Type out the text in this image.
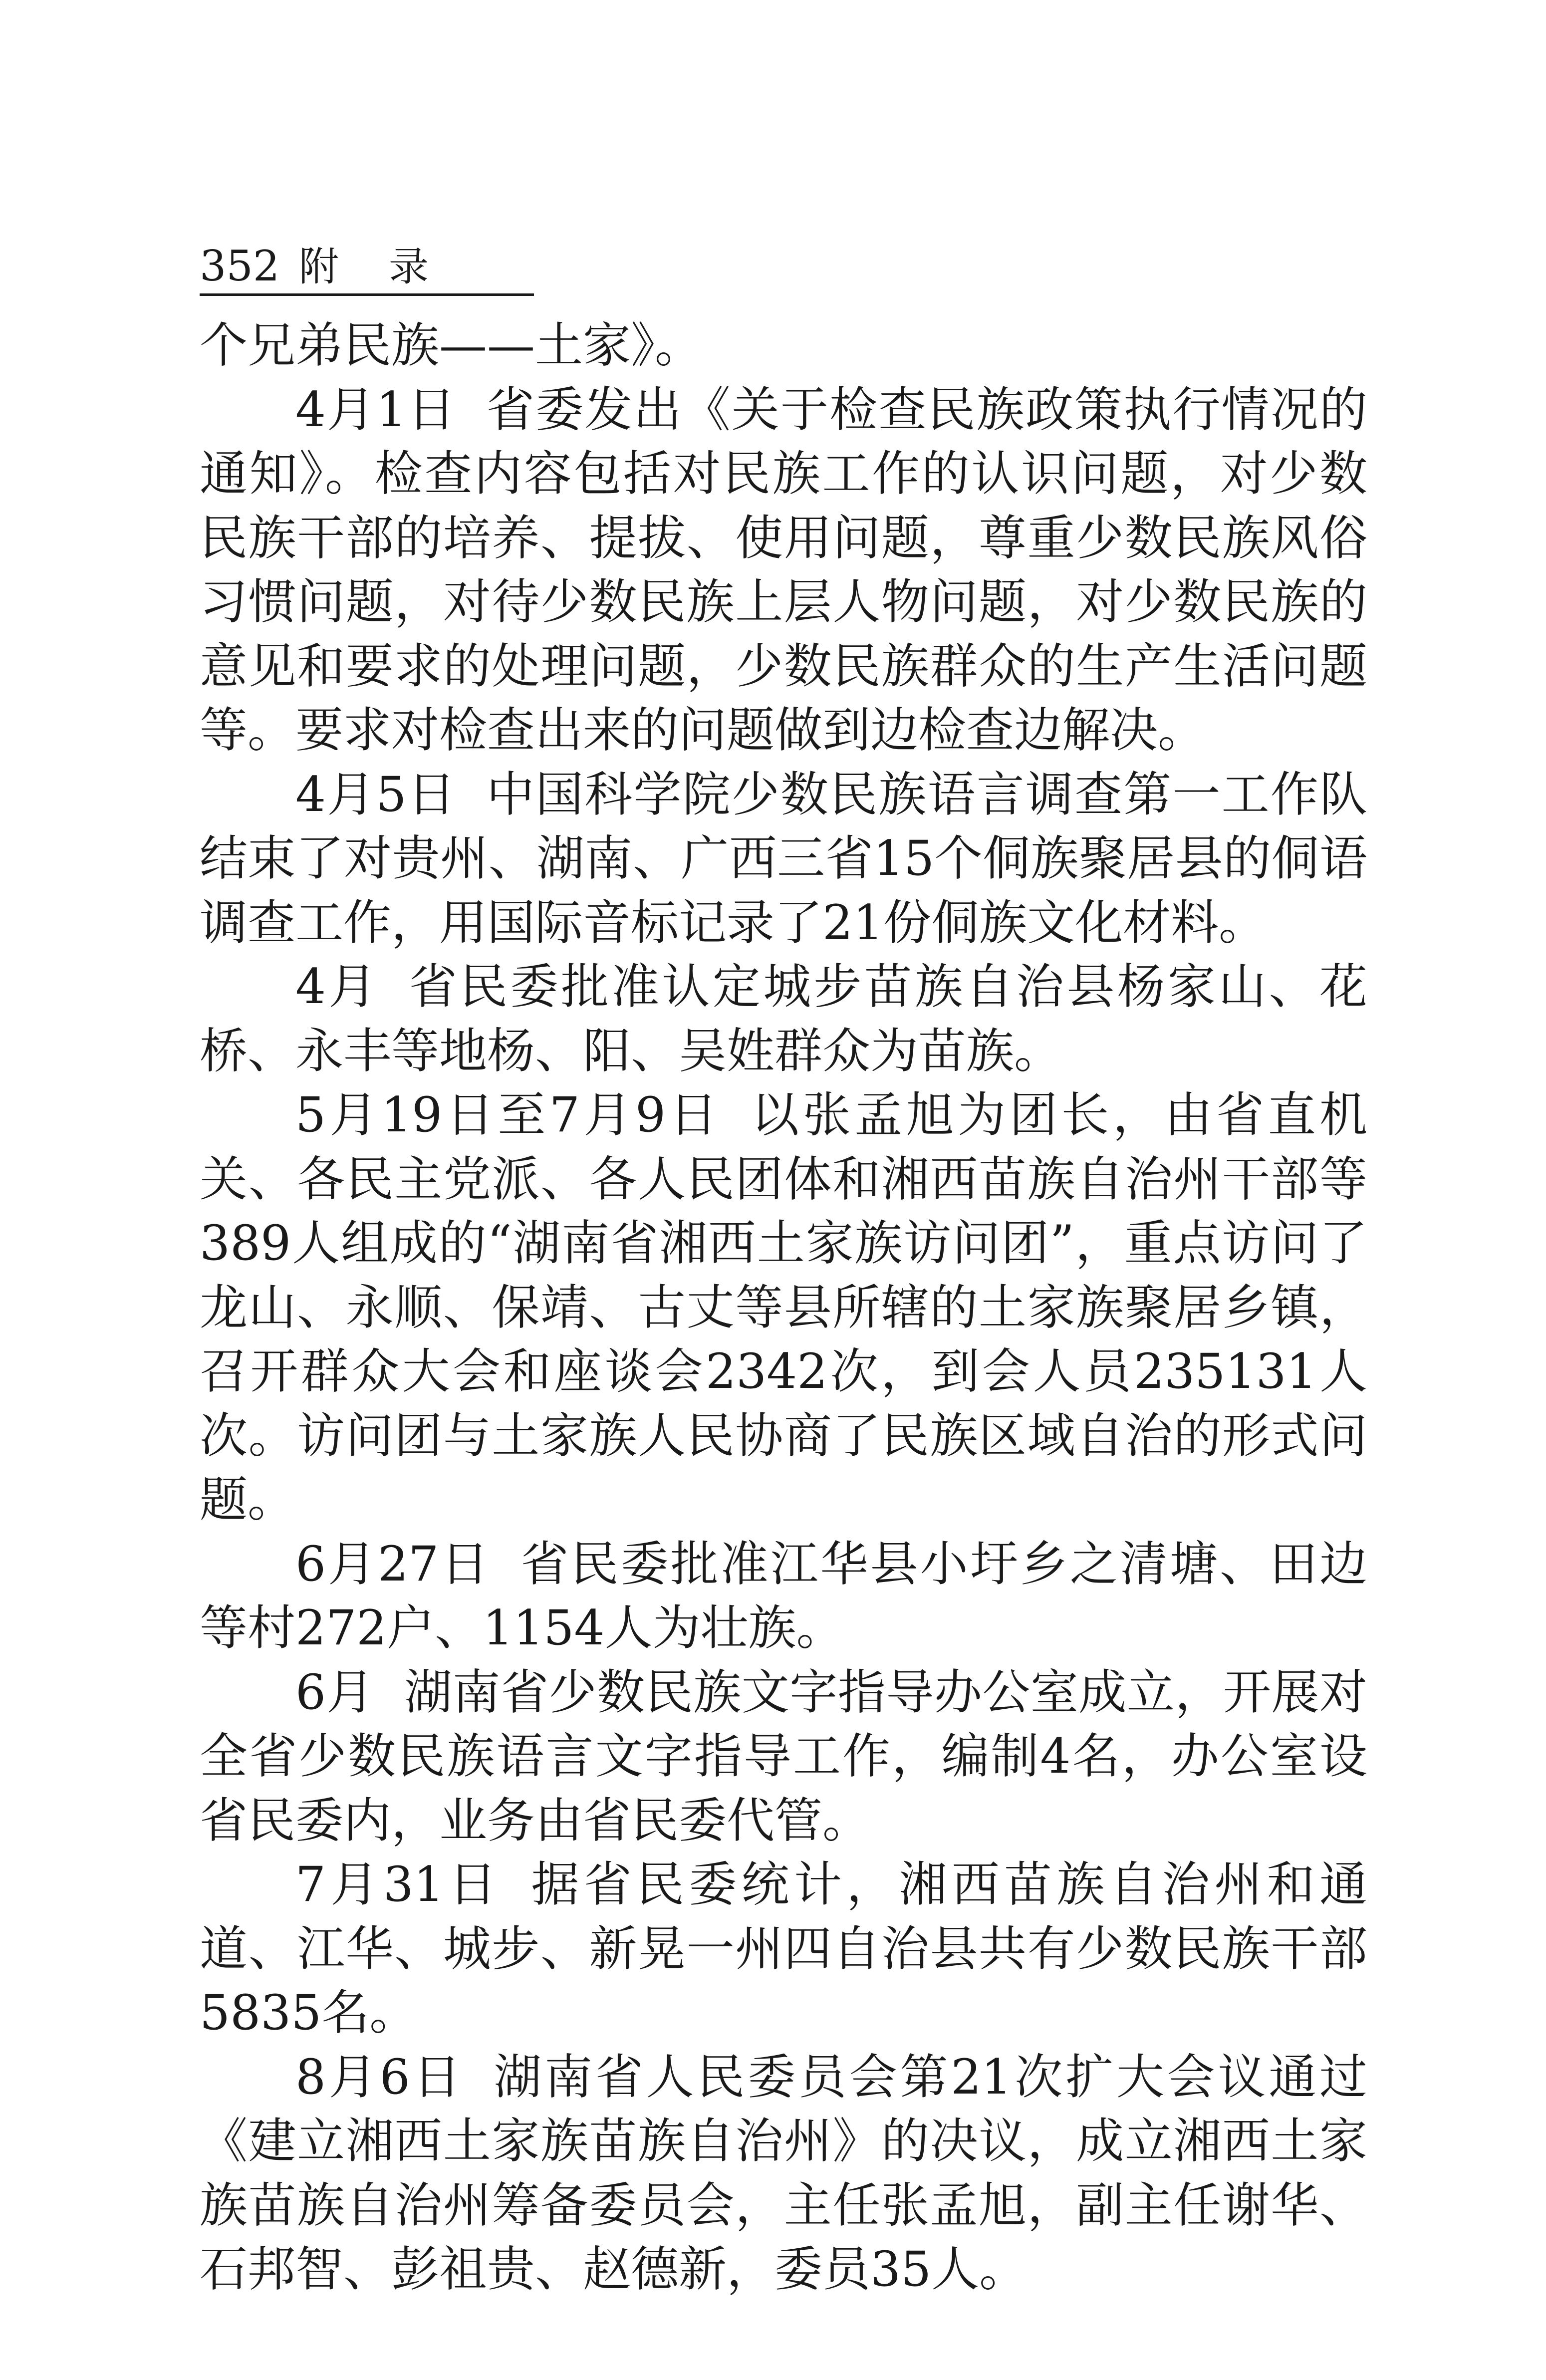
352 附录

个兄弟民族——土家》。

4月1日 省委发出《关于检查民族政策执行情况的通知》。检查内容包括对民族工作的认识问题，对少数民族干部的培养、提拔、使用问题，尊重少数民族风俗习惯问题，对待少数民族上层人物问题，对少数民族的意见和要求的处理问题，少数民族群众的生产生活问题等。要求对检查出来的问题做到边检查边解决。

4月5日 中国科学院少数民族语言调查第一工作队结束了对贵州、湖南、广西三省15个侗族聚居县的侗语调查工作，用国际音标记录了21份侗族文化材料。

4月 省民委批准认定城步苗族自治县杨家山、花桥、永丰等地杨、阳、吴姓群众为苗族。

5月19日至7月9日 以张孟旭为团长，由省直机关、各民主党派、各人民团体和湘西苗族自治州干部等389人组成的“湖南省湘西土家族访问团”，重点访问了龙山、永顺、保靖、古丈等县所辖的土家族聚居乡镇，召开群众大会和座谈会2342次，到会人员235131人次。访问团与土家族人民协商了民族区域自治的形式问题。

6月27日 省民委批准江华县小圩乡之清塘、田边等村272户、1154人为壮族。

6月 湖南省少数民族文字指导办公室成立，开展对全省少数民族语言文字指导工作，编制4名，办公室设省民委内，业务由省民委代管。

7月31日 据省民委统计，湘西苗族自治州和通道、江华、城步、新晃一州四自治县共有少数民族干部5835名。

8月6日 湖南省人民委员会第21次扩大会议通过《建立湘西土家族苗族自治州》的决议，成立湘西土家族苗族自治州筹备委员会，主任张孟旭，副主任谢华、石邦智、彭祖贵、赵德新，委员35人。
